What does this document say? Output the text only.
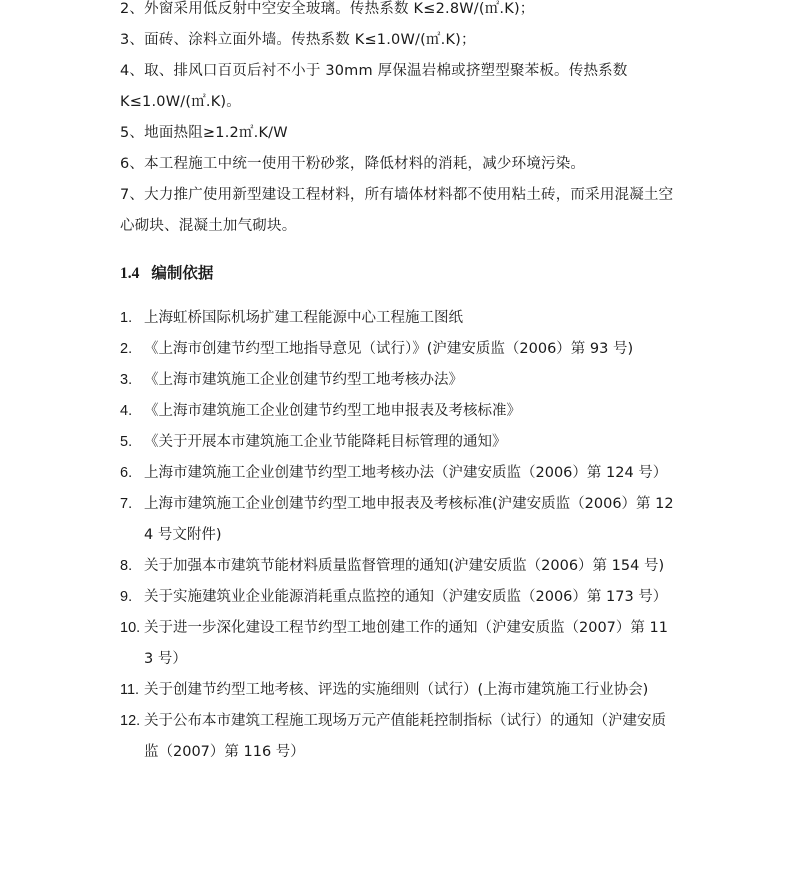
2、外窗采用低反射中空安全玻璃。传热系数 K≤2.8W/(㎡.K)；

3、面砖、涂料立面外墙。传热系数 K≤1.0W/(㎡.K)；

4、取、排风口百页后衬不小于 30mm 厚保温岩棉或挤塑型聚苯板。传热系数 K≤1.0W/(㎡.K)。

5、地面热阻≥1.2㎡.K/W

6、本工程施工中统一使用干粉砂浆，降低材料的消耗，减少环境污染。

7、大力推广使用新型建设工程材料，所有墙体材料都不使用粘土砖，而采用混凝土空心砌块、混凝土加气砌块。

1.4 编制依据
1. 上海虹桥国际机场扩建工程能源中心工程施工图纸
2. 《上海市创建节约型工地指导意见（试行）》(沪建安质监（2006）第 93 号)
3. 《上海市建筑施工企业创建节约型工地考核办法》
4. 《上海市建筑施工企业创建节约型工地申报表及考核标准》
5. 《关于开展本市建筑施工企业节能降耗目标管理的通知》
6. 上海市建筑施工企业创建节约型工地考核办法（沪建安质监（2006）第 124 号）
7. 上海市建筑施工企业创建节约型工地申报表及考核标准(沪建安质监（2006）第 124 号文附件)
8. 关于加强本市建筑节能材料质量监督管理的通知(沪建安质监（2006）第 154 号)
9. 关于实施建筑业企业能源消耗重点监控的通知（沪建安质监（2006）第 173 号）
10. 关于进一步深化建设工程节约型工地创建工作的通知（沪建安质监（2007）第 113 号）
11. 关于创建节约型工地考核、评选的实施细则（试行）(上海市建筑施工行业协会)
12. 关于公布本市建筑工程施工现场万元产值能耗控制指标（试行）的通知（沪建安质监（2007）第 116 号）
